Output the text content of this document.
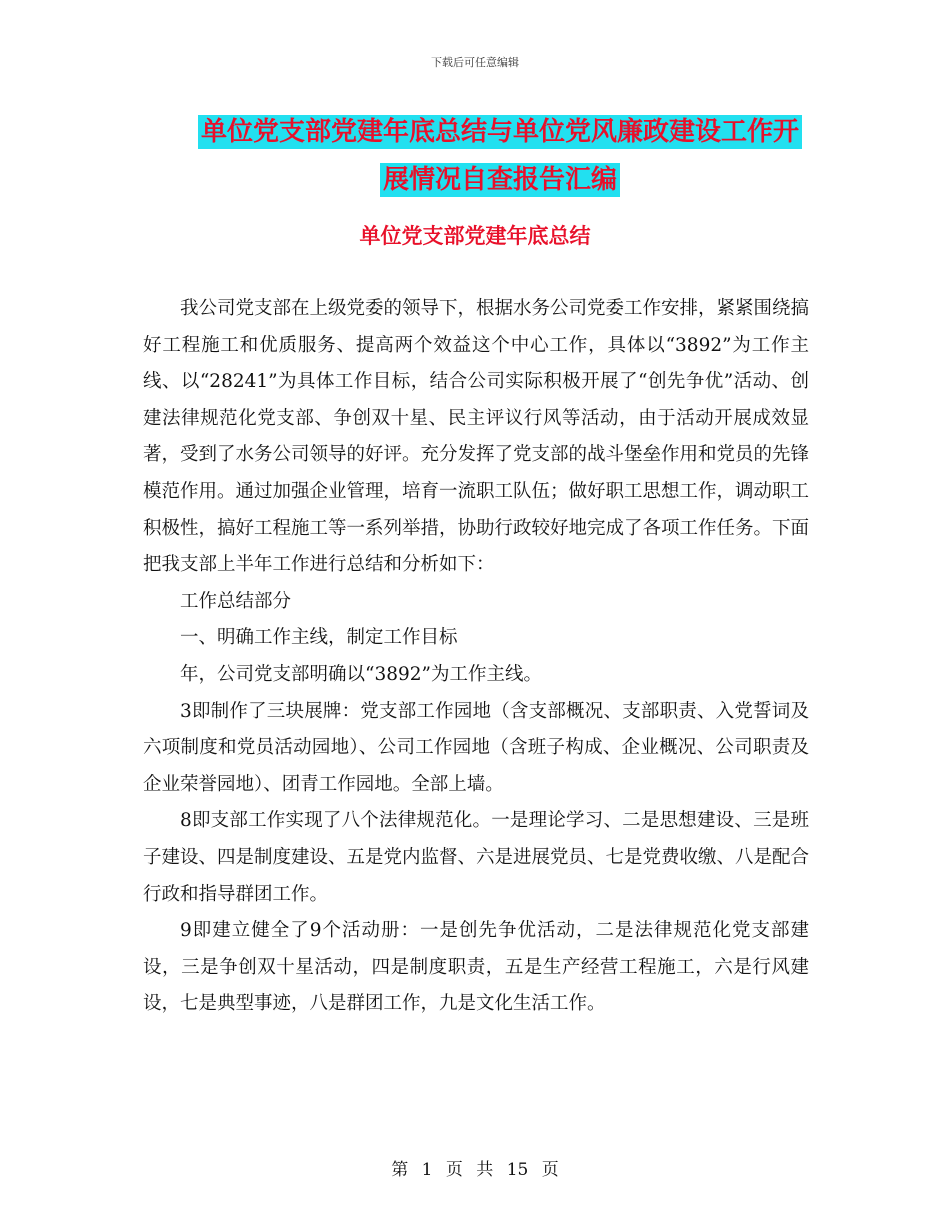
下载后可任意编辑
单位党支部党建年底总结与单位党风廉政建设工作开
展情况自查报告汇编
单位党支部党建年底总结

我公司党支部在上级党委的领导下，根据水务公司党委工作安排，紧紧围绕搞好工程施工和优质服务、提高两个效益这个中心工作，具体以“3892”为工作主线、以“28241”为具体工作目标，结合公司实际积极开展了“创先争优”活动、创建法律规范化党支部、争创双十星、民主评议行风等活动，由于活动开展成效显著，受到了水务公司领导的好评。充分发挥了党支部的战斗堡垒作用和党员的先锋模范作用。通过加强企业管理，培育一流职工队伍；做好职工思想工作，调动职工积极性，搞好工程施工等一系列举措，协助行政较好地完成了各项工作任务。下面把我支部上半年工作进行总结和分析如下：

工作总结部分

一、明确工作主线，制定工作目标

年，公司党支部明确以“3892”为工作主线。

3即制作了三块展牌：党支部工作园地（含支部概况、支部职责、入党誓词及六项制度和党员活动园地）、公司工作园地（含班子构成、企业概况、公司职责及企业荣誉园地）、团青工作园地。全部上墙。

8即支部工作实现了八个法律规范化。一是理论学习、二是思想建设、三是班子建设、四是制度建设、五是党内监督、六是进展党员、七是党费收缴、八是配合行政和指导群团工作。

9即建立健全了9个活动册：一是创先争优活动，二是法律规范化党支部建设，三是争创双十星活动，四是制度职责，五是生产经营工程施工，六是行风建设，七是典型事迹，八是群团工作，九是文化生活工作。

第 1 页 共 15 页
